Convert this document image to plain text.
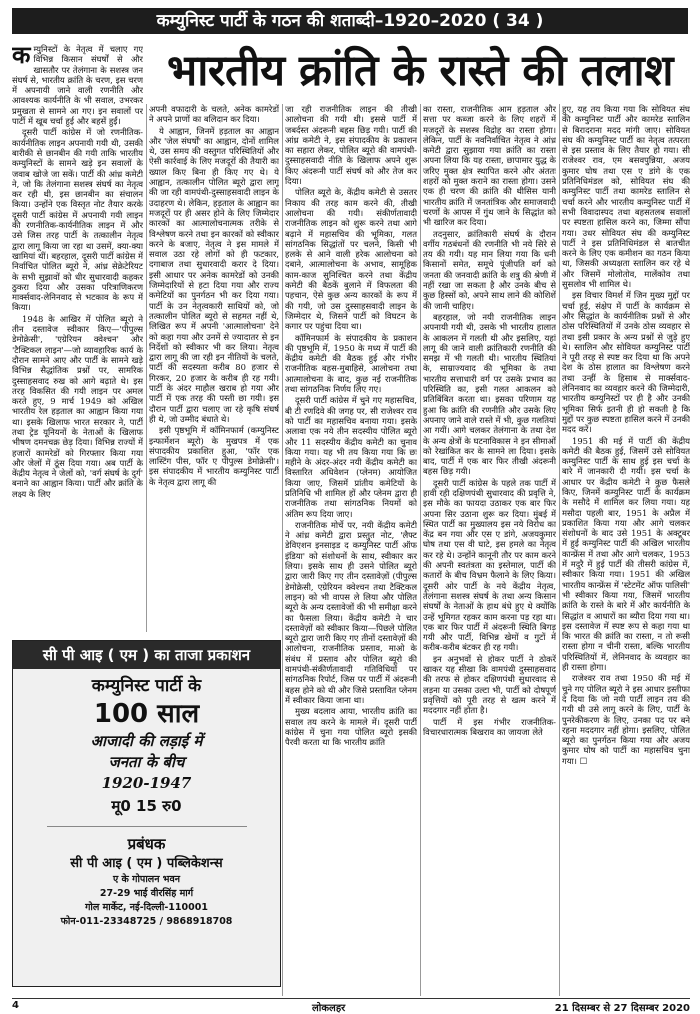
कम्युनिस्ट पार्टी के गठन की शताब्दी–1920–2020 ( 34 )
भारतीय क्रांति के रास्ते की तलाश
क म्युनिस्टों के नेतृत्व में चलाए गए विभिन्न किसान संघर्षों से और खासतौर पर तेलंगाना के सशस्त्र जन संघर्ष से, भारतीय क्रांति के चरण, इस चरण में अपनायी जाने वाली रणनीति और आवश्यक कार्यनीति के भी सवाल, उभरकर प्रमुखता से सामने आ गए। इन सवालों पर पार्टी में खूब चर्चा हुई और बहसें हुईं।

दूसरी पार्टी कांग्रेस में जो रणनीतिक-कार्यनीतिक लाइन अपनायी गयी थी, उसकी बारीकी से छानबीन की गयी ताकि भारतीय कम्युनिस्टों के सामने खड़े इन सवालों के जवाब खोजे जा सकें। पार्टी की आंध्र कमेटी ने, जो कि तेलंगाना सशस्त्र संघर्ष का नेतृत्व कर रही थी, इस छानबीन का संचालन किया। उन्होंने एक विस्तृत नोट तैयार करके दूसरी पार्टी कांग्रेस में अपनायी गयी लाइन की रणनीतिक-कार्यनीतिक लाइन में और उसे जिस तरह पार्टी के तत्कालीन नेतृत्व द्वारा लागू किया जा रहा था उसमें, क्या-क्या खामियां थीं। बहरहाल, दूसरी पार्टी कांग्रेस में निर्वाचित पोलित ब्यूरो ने, आंध्र सेक्रेटेरियट के सभी सुझावों को धीर सुधारवादी कहकर ठुकरा दिया और उसका परित्राणिकरण मार्क्सवाद-लेनिनवाद से भटकाव के रूप में किया।

1948 के आखिर में पोलित ब्यूरो ने तीन दस्तावेज स्वीकार किए—'पीपुल्स डेमोक्रेसी', 'एग्रेरियन क्वेश्चन' और 'टैक्टिकल लाइन'—जो व्यावहारिक कार्य के दौरान सामने आए और पार्टी के सामने खड़े विभिन्न सैद्धांतिक प्रश्नों पर, सामरिक दुस्साहसवाद रुख को आगे बढ़ाते थे। इस तरह विकसित की गयी लाइन पर अमल करते हुए, 9 मार्च 1949 को अखिल भारतीय रेल हड़ताल का आह्वान किया गया था। इसके खिलाफ भारत सरकार ने, पार्टी तथा ट्रेड यूनियनों के नेताओं के खिलाफ भीषण दमनचक्र छेड़ दिया। विभिन्न राज्यों में हजारों कामरेडों को गिरफ्तार किया गया और जेलों में ठूंस दिया गया। अब पार्टी के केंद्रीय नेतृत्व ने जेलों को, 'वर्ग संघर्ष के दुर्ग' बनाने का आह्वान किया। पार्टी और क्रांति के लक्ष्य के लिए

अपनी वफादारी के चलते, अनेक कामरेडों ने अपने प्राणों का बलिदान कर दिया।

ये आह्वान, जिनमें हड़ताल का आह्वान और 'जेल संघर्षों' का आह्वान, दोनों शामिल थे, उस समय की वस्तुगत परिस्थितियों और ऐसी कार्रवाई के लिए मजदूरों की तैयारी का ख्याल किए बिना ही किए गए थे। ये आह्वान, तत्कालीन पोलित ब्यूरो द्वारा लागू की जा रही वामपंथी-दुस्साहसवादी लाइन के उदाहरण थे। लेकिन, हड़ताल के आह्वान का मजदूरों पर ही असर होने के लिए जिम्मेदार कारकों का आत्मालोचनात्मक तरीके से विश्लेषण करने तथा इन कारकों को स्वीकार करने के बजाए, नेतृत्व ने इस मामले में सवाल उठा रहे लोगों को ही फटकार, दगाबाज तथा सुधारवादी करार दे दिया। इसी आधार पर अनेक कामरेडों को उनकी जिम्मेदारियों से हटा दिया गया और राज्य कमेटियों का पुनर्गठन भी कर दिया गया। पार्टी के उन नेतृत्वकारी साथियों को, जो तत्कालीन पोलित ब्यूरो से सहमत नहीं थे, लिखित रूप में अपनी 'आत्मालोचना' देने को कहा गया और उनमें से ज्यादातर से इन निर्देशों को स्वीकार भी कर लिया। नेतृत्व द्वारा लागू की जा रही इन नीतियों के चलते, पार्टी की सदस्यता करीब 80 हजार से गिरकर, 20 हजार के करीब ही रह गयी। पार्टी के अंदर माहौल खराब हो गया और पार्टी में एक तरह की पस्ती छा गयी। इस दौरान पार्टी द्वारा चलाए जा रहे कृषि संघर्ष ही थे, जो उम्मीद बंधाते थे।

इसी पृष्ठभूमि में कॉमिनफार्म (कम्युनिस्ट इन्फार्मेशन ब्यूरो) के मुखपत्र में एक संपादकीय प्रकाशित हुआ, 'फॉर एक लास्टिंग पीस, फॉर ए पीपुल्स डेमोक्रेसी'। इस संपादकीय में भारतीय कम्युनिस्ट पार्टी के नेतृत्व द्वारा लागू की

जा रही राजनीतिक लाइन की तीखी आलोचना की गयी थी। इससे पार्टी में जबर्दस्त अंदरूनी बहस छिड़ गयी। पार्टी की आंध्र कमेटी ने, इस संपादकीय के प्रकाशन का सहारा लेकर, पोलित ब्यूरो की वामपंथी-दुस्साहसवादी नीति के खिलाफ अपने शुरू किए अंदरूनी पार्टी संघर्ष को और तेज कर दिया।

पोलित ब्यूरो के, केंद्रीय कमेटी से उसतर निकाय की तरह काम करने की, तीखी आलोचना की गयी। संकीर्णतावादी राजनीतिक लाइन को शुरू करने तथा आगे बढ़ाने में महासचिव की भूमिका, गलत सांगठनिक सिद्धांतों पर चलने, किसी भी हलके से आने वाली हरेक आलोचना को दबाने, आत्मालोचना के अभाव, सामूहिक काम-काज सुनिश्चित करने तथा केंद्रीय कमेटी की बैठकें बुलाने में विफलता की पहचान, ऐसे कुछ अन्य कारकों के रूप में की गयी, जो उस दुस्साहसवादी लाइन के जिम्मेदार थे, जिसने पार्टी को विघटन के कगार पर पहुंचा दिया था।

कॉमिनफार्म के संपादकीय के प्रकाशन की पृष्ठभूमि में, 1950 के मध्य में पार्टी की केंद्रीय कमेटी की बैठक हुई और गंभीर राजनीतिक बहस-मुबाहिसे, आलोचना तथा आत्मालोचना के बाद, कुछ नई राजनीतिक तथा सांगठनिक निर्णय लिए गए।

दूसरी पार्टी कांग्रेस में चुने गए महासचिव, बी टी रणदिवे की जगह पर, सी राजेश्वर राव को पार्टी का महासचिव बनाया गया। इसके अलावा एक नये तीन सदस्यीय पोलित ब्यूरो और 11 सदस्यीय केंद्रीय कमेटी का चुनाव किया गया। यह भी तय किया गया कि छः महीने के अंदर-अंदर नयी केंद्रीय कमेटी का विस्तारित अधिवेशन (प्लेनम) आयोजित किया जाए, जिसमें प्रांतीय कमेटियों के प्रतिनिधि भी शामिल हों और प्लेनम द्वारा ही राजनीतिक तथा सांगठनिक नियमों को अंतिम रूप दिया जाए।

राजनीतिक मोर्चे पर, नयी केंद्रीय कमेटी ने आंध्र कमेटी द्वारा प्रस्तुत नोट, 'लैफ्ट डेविएशन इनसाइड द कम्युनिस्ट पार्टी ऑफ इंडिया' को संशोधनों के साथ, स्वीकार कर लिया। इसके साथ ही उसने पोलित ब्यूरो द्वारा जारी किए गए तीन दस्तावेज़ों (पीपुल्स डेमोक्रेसी, एग्रेरियन क्वेश्चन तथा टैक्टिकल लाइन) को भी वापस ले लिया और पोलित ब्यूरो के अन्य दस्तावेजों की भी समीक्षा करने का फैसला लिया। केंद्रीय कमेटी ने चार दस्तावेज़ों को स्वीकार किया—पिछले पोलित ब्यूरो द्वारा जारी किए गए तीनों दस्तावेज़ों की आलोचना, राजनीतिक प्रस्ताव, माओ के संबंध में प्रस्ताव और पोलित ब्यूरो की वामपंथी-संकीर्णतावादी गतिविधियों पर सांगठनिक रिपोर्ट, जिस पर पार्टी में अंदरूनी बहस होने को थी और जिसे प्रस्तावित प्लेनम में स्वीकार किया जाना था।

मुख्य बदलाव आया, भारतीय क्रांति का सवाल तय करने के मामले में। दूसरी पार्टी कांग्रेस में चुना गया पोलित ब्यूरो इसकी पैरवी करता था कि भारतीय क्रांति

का रास्ता, राजनीतिक आम हड़ताल और सत्ता पर कब्जा करने के लिए शहरों में मजदूरों के सशस्त्र विद्रोह का रास्ता होगा। लेकिन, पार्टी के नवनिर्वाचित नेतृत्व ने आंध्र कमेटी द्वारा सुझाया गया क्रांति का रास्ता अपना लिया कि यह रास्ता, छापामार युद्ध के जरिए मुक्त क्षेत्र स्थापित करने और अंततः शहरों को मुक्त कराने का रास्ता होगा। उसने एक ही चरण की क्रांति की थीसिस यानी भारतीय क्रांति में जनतांत्रिक और समाजवादी चरणों के आपस में गुंथ जाने के सिद्धांत को भी खारिज कर दिया।

तदनुसार, क्रांतिकारी संघर्ष के दौरान वर्गीय गठबंधनों की रणनीति भी नये सिरे से तय की गयी। यह मान लिया गया कि धनी किसानों समेत, समूचे पूंजीपति वर्ग को जनता की जनवादी क्रांति के शत्रु की श्रेणी में नहीं रखा जा सकता है और उनके बीच से कुछ हिस्सों को, अपने साथ लाने की कोशिशें की जानी चाहिए।

बहरहाल, जो नयी राजनीतिक लाइन अपनायी गयी थी, उसके भी भारतीय हालात के आकलन में गलती थी और इसलिए, यहां लागू की जाने वाली क्रांतिकारी रणनीति की समझ में भी गलती थी। भारतीय स्थितियां के, साम्राज्यवाद की भूमिका के तथा भारतीय सत्ताधारी वर्ग पर उसके प्रभाव का परिस्थिति का, इसी गलत आकलन को प्रतिबिंबित करता था। इसका परिणाम यह हुआ कि क्रांति की रणनीति और उसके लिए अपनाए जाने वाले रास्ते में भी, कुछ गलतियां आ गयीं। आगे चलकर तेलंगाना के तथा देश के अन्य क्षेत्रों के घटनाविकास ने इन सीमाओं को रेखांकित कर के सामने ला दिया। इसके बाद, पार्टी में एक बार फिर तीखी अंदरूनी बहस छिड़ गयी।

दूसरी पार्टी कांग्रेस के पहले तक पार्टी में हावी रही दक्षिणपंथी सुधारवाद की प्रवृत्ति ने, इस मौके का फायदा उठाकर एक बार फिर अपना सिर उठाना शुरू कर दिया। मुंबई में स्थित पार्टी का मुख्यालय इस नये विरोध का केंद्र बन गया और एस ए डांगे, अजयकुमार घोष तथा एस वी घाटे, इस हमले का नेतृत्व कर रहे थे। उन्होंने कानूनी तौर पर काम करने की अपनी स्वतंत्रता का इस्तेमाल, पार्टी की कतारों के बीच विभ्रम फैलाने के लिए किया। दूसरी ओर पार्टी के नये केंद्रीय नेतृत्व, तेलंगाना सशस्त्र संघर्ष के तथा अन्य किसान संघर्षों के नेताओं के हाथ बंधे हुए थे क्योंकि उन्हें भूमिगत रहकर काम करना पड़ रहा था। एक बार फिर पार्टी में अंदरूनी स्थिति बिगड़ गयी और पार्टी, विभिन्न खेमों व गुटों में करीब-करीब बंटकर ही रह गयी।

इन अनुभवों से होकर पार्टी ने ठोकरें खाकर यह सीखा कि वामपंथी दुस्साहसवाद की तरफ से होकर दक्षिणपंथी सुधारवाद से लड़ना या उसका उल्टा भी, पार्टी को दोषपूर्ण प्रवृत्तियों को पूरी तरह से खत्म करने में मददगार नहीं होता है।

पार्टी में इस गंभीर राजनीतिक-विचारधारात्मक बिखराव का जायजा लेते

हुए, यह तय किया गया कि सोवियत संघ की कम्युनिस्ट पार्टी और कामरेड स्तालिन से बिरादराना मदद मांगी जाए। सोवियत संघ की कम्युनिस्ट पार्टी का नेतृत्व तत्परता से इस प्रस्ताव के लिए तैयार हो गया। सी राजेश्वर राव, एम बसवपुन्निया, अजय कुमार घोष तथा एस ए डांगे के एक प्रतिनिधिमंडल को, सोवियत संघ की कम्युनिस्ट पार्टी तथा कामरेड स्तालिन से चर्चा करने और भारतीय कम्युनिस्ट पार्टी में सभी विवादास्पद तथा बहसतलब सवालों पर स्पष्टता हासिल करने का, जिम्मा सौंपा गया। उधर सोवियत संघ की कम्युनिस्ट पार्टी ने इस प्रतिनिधिमंडल से बातचीत करने के लिए एक कमीशन का गठन किया था, जिसकी अध्यक्षता स्तालिन कर रहे थे और जिसमें मोलोतोव, मालेंकोव तथा सुसलोव भी शामिल थे।

इस विचार विमर्श में जिन मुख्य मुद्दों पर चर्चा हुई, संक्षेप में पार्टी के कार्यक्रम से और सिद्धांत के कार्यनीतिक प्रश्नों से और ठोस परिस्थितियों में उनके ठोस व्यवहार से तथा इसी प्रकार के अन्य प्रश्नों से जुड़े हुए थे। स्तालिन और सोवियत कम्युनिस्ट पार्टी ने पूरी तरह से स्पष्ट कर दिया था कि अपने देश के ठोस हालात का विश्लेषण करने तथा उन्हीं के हिसाब से मार्क्सवाद-लेनिनवाद का व्यवहार करने की जिम्मेदारी, भारतीय कम्युनिस्टों पर ही है और उनकी भूमिका सिर्फ इतनी ही हो सकती है कि मुद्दों पर कुछ स्पष्टता हासिल करने में उनकी मदद करें।

1951 की मई में पार्टी की केंद्रीय कमेटी की बैठक हुई, जिसमें उसे सोवियत कम्युनिस्ट पार्टी के साथ हुई इस चर्चा के बारे में जानकारी दी गयी। इस चर्चा के आधार पर केंद्रीय कमेटी ने कुछ फैसले किए, जिनमें कम्युनिस्ट पार्टी के कार्यक्रम के मसौदे में शामिल कर लिया गया। यह मसौदा पहली बार, 1951 के अप्रैल में प्रकाशित किया गया और आगे चलकर संशोधनों के बाद उसे 1951 के अक्टूबर में हुई कम्युनिस्ट पार्टी की अखिल भारतीय कान्फ्रेंस में तथा और आगे चलकर, 1953 में मदुरै में हुई पार्टी की तीसरी कांग्रेस में, स्वीकार किया गया। 1951 की अखिल भारतीय कान्फ्रेंस में 'स्टेटमेंट ऑफ पालिसी' भी स्वीकार किया गया, जिसमें भारतीय क्रांति के रास्ते के बारे में और कार्यनीति के सिद्धांत व आधारों का ब्यौरा दिया गया था। इस दस्तावेज में स्पष्ट रूप से कहा गया था कि भारत की क्रांति का रास्ता, न तो रूसी रास्ता होगा न चीनी रास्ता, बल्कि भारतीय परिस्थितियों में, लेनिनवाद के व्यवहार का ही रास्ता होगा।

राजेश्वर राव तथा 1950 की मई में चुने गए पोलित ब्यूरो ने इस आधार इस्तीफा दे दिया कि जो नयी पार्टी लाइन तय की गयी थी उसे लागू करने के लिए, पार्टी के पुनरेकीकरण के लिए, उनका पद पर बने रहना मददगार नहीं होगा। इसलिए, पोलित ब्यूरो का पुनर्गठन किया गया और अजय कुमार घोष को पार्टी का महासचिव चुना गया। ☐

सी पी आइ ( एम ) का ताजा प्रकाशन
कम्युनिस्ट पार्टी के
100 साल
आजादी की लड़ाई में
जनता के बीच
1920-1947
मू0 15 रु0
प्रबंधक
सी पी आइ ( एम ) पब्लिकेशन्स
ए के गोपालन भवन
27-29 भाई वीरसिंह मार्ग
गोल मार्केट, नई-दिल्ली-110001
फोन-011-23348725 / 9868918708
4	लोकलहर	21 दिसम्बर से 27 दिसम्बर 2020
